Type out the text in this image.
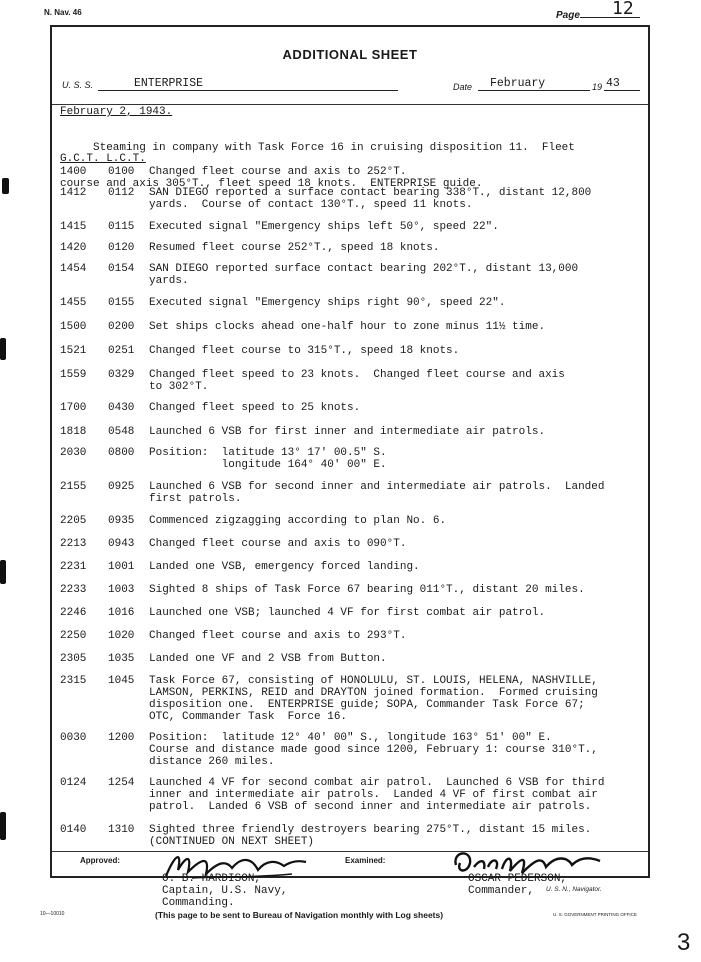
N. Nav. 46	Page 12
ADDITIONAL SHEET
U. S. S.	ENTERPRISE	Date February	19 43
February 2, 1943.

Steaming in company with Task Force 16 in cruising disposition 11.  Fleet

course and axis 305°T., fleet speed 18 knots.  ENTERPRISE guide.

G.C.T. L.C.T.
1400 0100 Changed fleet course and axis to 252°T.
1412 0112 SAN DIEGO reported a surface contact bearing 338°T., distant 12,800
yards.  Course of contact 130°T., speed 11 knots.
1415 0115 Executed signal "Emergency ships left 50°, speed 22".
1420 0120 Resumed fleet course 252°T., speed 18 knots.
1454 0154 SAN DIEGO reported surface contact bearing 202°T., distant 13,000
yards.
1455 0155 Executed signal "Emergency ships right 90°, speed 22".
1500 0200 Set ships clocks ahead one-half hour to zone minus 11½ time.
1521 0251 Changed fleet course to 315°T., speed 18 knots.
1559 0329 Changed fleet speed to 23 knots.  Changed fleet course and axis
to 302°T.
1700 0430 Changed fleet speed to 25 knots.
1818 0548 Launched 6 VSB for first inner and intermediate air patrols.
2030 0800 Position:  latitude 13° 17' 00.5" S.
longitude 164° 40' 00" E.
2155 0925 Launched 6 VSB for second inner and intermediate air patrols.  Landed
first patrols.
2205 0935 Commenced zigzagging according to plan No. 6.
2213 0943 Changed fleet course and axis to 090°T.
2231 1001 Landed one VSB, emergency forced landing.
2233 1003 Sighted 8 ships of Task Force 67 bearing 011°T., distant 20 miles.
2246 1016 Launched one VSB; launched 4 VF for first combat air patrol.
2250 1020 Changed fleet course and axis to 293°T.
2305 1035 Landed one VF and 2 VSB from Button.
2315 1045 Task Force 67, consisting of HONOLULU, ST. LOUIS, HELENA, NASHVILLE,
LAMSON, PERKINS, REID and DRAYTON joined formation.  Formed cruising
disposition one.  ENTERPRISE guide; SOPA, Commander Task Force 67;
OTC, Commander Task  Force 16.
0030 1200 Position:  latitude 12° 40' 00" S., longitude 163° 51' 00" E.
Course and distance made good since 1200, February 1: course 310°T.,
distance 260 miles.
0124 1254 Launched 4 VF for second combat air patrol.  Launched 6 VSB for third
inner and intermediate air patrols.  Landed 4 VF of first combat air
patrol.  Landed 6 VSB of second inner and intermediate air patrols.
0140 1310 Sighted three friendly destroyers bearing 275°T., distant 15 miles.
(CONTINUED ON NEXT SHEET)
Approved:	Examined:
O. B. HARDISON,
Captain, U.S. Navy,
Commanding.
OSCAR PEDERSON,
Commander,	U. S. N., Navigator.
10—10010	(This page to be sent to Bureau of Navigation monthly with Log sheets)	U. S. GOVERNMENT PRINTING OFFICE
3
